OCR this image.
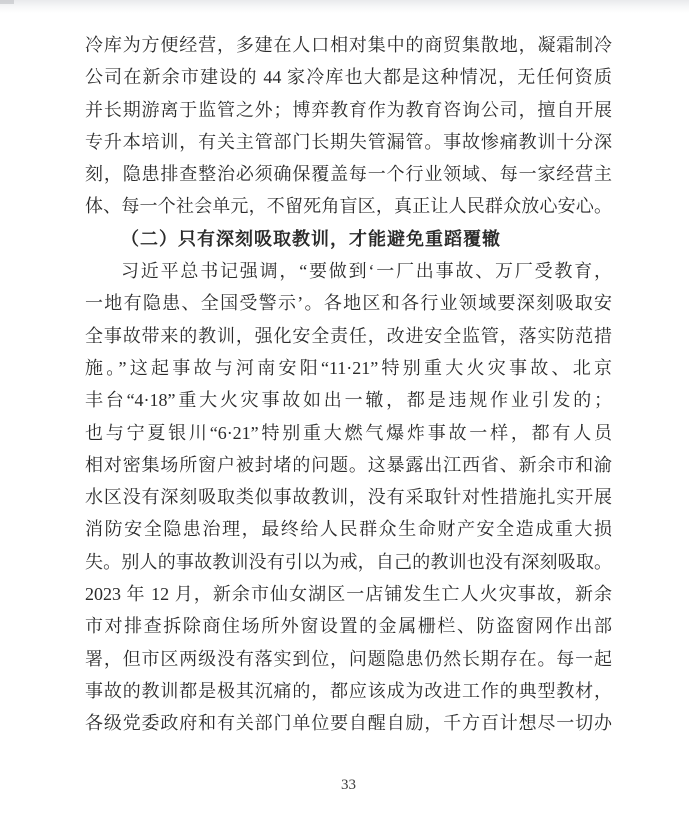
冷库为方便经营，多建在人口相对集中的商贸集散地，凝霜制冷
公司在新余市建设的 44 家冷库也大都是这种情况，无任何资质
并长期游离于监管之外；博弈教育作为教育咨询公司，擅自开展
专升本培训，有关主管部门长期失管漏管。事故惨痛教训十分深
刻，隐患排查整治必须确保覆盖每一个行业领域、每一家经营主
体、每一个社会单元，不留死角盲区，真正让人民群众放心安心。
（二）只有深刻吸取教训，才能避免重蹈覆辙
习近平总书记强调，“要做到‘一厂出事故、万厂受教育，
一地有隐患、全国受警示’。各地区和各行业领域要深刻吸取安
全事故带来的教训，强化安全责任，改进安全监管，落实防范措
施。”这起事故与河南安阳“11·21”特别重大火灾事故、北京
丰台“4·18”重大火灾事故如出一辙，都是违规作业引发的；
也与宁夏银川“6·21”特别重大燃气爆炸事故一样，都有人员
相对密集场所窗户被封堵的问题。这暴露出江西省、新余市和渝
水区没有深刻吸取类似事故教训，没有采取针对性措施扎实开展
消防安全隐患治理，最终给人民群众生命财产安全造成重大损
失。别人的事故教训没有引以为戒，自己的教训也没有深刻吸取。
2023 年 12 月，新余市仙女湖区一店铺发生亡人火灾事故，新余
市对排查拆除商住场所外窗设置的金属栅栏、防盗窗网作出部
署，但市区两级没有落实到位，问题隐患仍然长期存在。每一起
事故的教训都是极其沉痛的，都应该成为改进工作的典型教材，
各级党委政府和有关部门单位要自醒自励，千方百计想尽一切办
33
